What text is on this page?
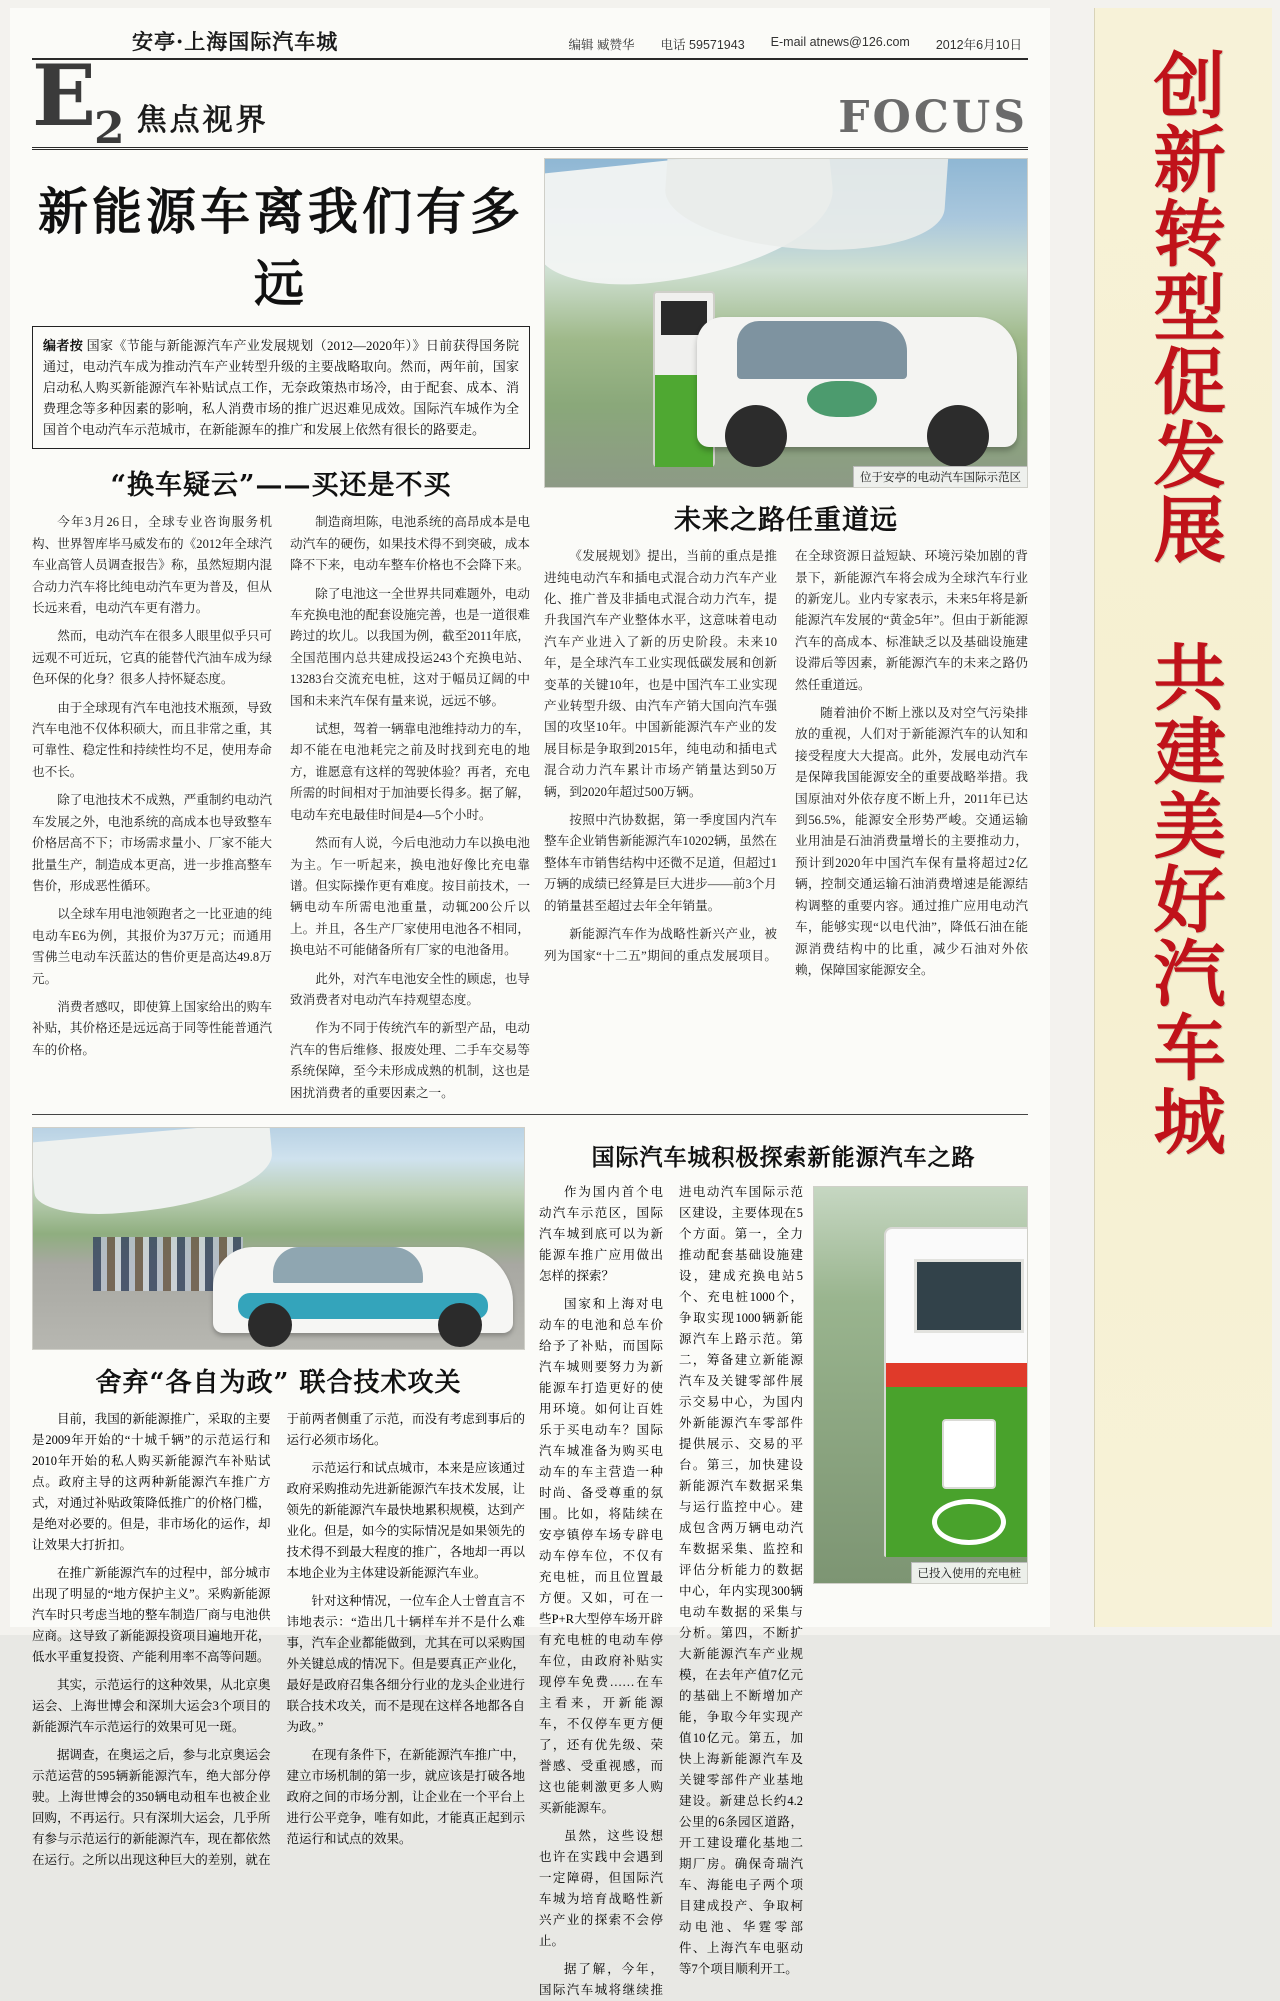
安亭·上海国际汽车城	编辑 臧赞华 电话 59571943 E-mail atnews@126.com 2012年6月10日
$E_2$ 焦点视界	FOCUS
新能源车离我们有多远
编者按 国家《节能与新能源汽车产业发展规划（2012—2020年）》日前获得国务院通过，电动汽车成为推动汽车产业转型升级的主要战略取向。然而，两年前，国家启动私人购买新能源汽车补贴试点工作，无奈政策热市场冷，由于配套、成本、消费理念等多种因素的影响，私人消费市场的推广迟迟难见成效。国际汽车城作为全国首个电动汽车示范城市，在新能源车的推广和发展上依然有很长的路要走。
“换车疑云”——买还是不买

今年3月26日，全球专业咨询服务机构、世界智库毕马威发布的《2012年全球汽车业高管人员调查报告》称，虽然短期内混合动力汽车将比纯电动汽车更为普及，但从长远来看，电动汽车更有潜力。

然而，电动汽车在很多人眼里似乎只可远观不可近玩，它真的能替代汽油车成为绿色环保的化身？很多人持怀疑态度。

由于全球现有汽车电池技术瓶颈，导致汽车电池不仅体积硕大，而且非常之重，其可靠性、稳定性和持续性均不足，使用寿命也不长。

除了电池技术不成熟，严重制约电动汽车发展之外，电池系统的高成本也导致整车价格居高不下；市场需求量小、厂家不能大批量生产，制造成本更高，进一步推高整车售价，形成恶性循环。

以全球车用电池领跑者之一比亚迪的纯电动车E6为例，其报价为37万元；而通用雪佛兰电动车沃蓝达的售价更是高达49.8万元。

消费者感叹，即使算上国家给出的购车补贴，其价格还是远远高于同等性能普通汽车的价格。

制造商坦陈，电池系统的高昂成本是电动汽车的硬伤，如果技术得不到突破，成本降不下来，电动车整车价格也不会降下来。

除了电池这一全世界共同难题外，电动车充换电池的配套设施完善，也是一道很难跨过的坎儿。以我国为例，截至2011年底，全国范围内总共建成投运243个充换电站、13283台交流充电桩，这对于幅员辽阔的中国和未来汽车保有量来说，远远不够。

试想，驾着一辆靠电池维持动力的车，却不能在电池耗完之前及时找到充电的地方，谁愿意有这样的驾驶体验？再者，充电所需的时间相对于加油要长得多。据了解，电动车充电最佳时间是4—5个小时。

然而有人说，今后电池动力车以换电池为主。乍一听起来，换电池好像比充电靠谱。但实际操作更有难度。按目前技术，一辆电动车所需电池重量，动辄200公斤以上。并且，各生产厂家使用电池各不相同，换电站不可能储备所有厂家的电池备用。

此外，对汽车电池安全性的顾虑，也导致消费者对电动汽车持观望态度。

作为不同于传统汽车的新型产品，电动汽车的售后维修、报废处理、二手车交易等系统保障，至今未形成成熟的机制，这也是困扰消费者的重要因素之一。

位于安亭的电动汽车国际示范区
未来之路任重道远

《发展规划》提出，当前的重点是推进纯电动汽车和插电式混合动力汽车产业化、推广普及非插电式混合动力汽车，提升我国汽车产业整体水平，这意味着电动汽车产业进入了新的历史阶段。未来10年，是全球汽车工业实现低碳发展和创新变革的关键10年，也是中国汽车工业实现产业转型升级、由汽车产销大国向汽车强国的攻坚10年。中国新能源汽车产业的发展目标是争取到2015年，纯电动和插电式混合动力汽车累计市场产销量达到50万辆，到2020年超过500万辆。

按照中汽协数据，第一季度国内汽车整车企业销售新能源汽车10202辆，虽然在整体车市销售结构中还微不足道，但超过1万辆的成绩已经算是巨大进步——前3个月的销量甚至超过去年全年销量。

新能源汽车作为战略性新兴产业，被列为国家“十二五”期间的重点发展项目。在全球资源日益短缺、环境污染加剧的背景下，新能源汽车将会成为全球汽车行业的新宠儿。业内专家表示，未来5年将是新能源汽车发展的“黄金5年”。但由于新能源汽车的高成本、标准缺乏以及基础设施建设滞后等因素，新能源汽车的未来之路仍然任重道远。

随着油价不断上涨以及对空气污染排放的重视，人们对于新能源汽车的认知和接受程度大大提高。此外，发展电动汽车是保障我国能源安全的重要战略举措。我国原油对外依存度不断上升，2011年已达到56.5%，能源安全形势严峻。交通运输业用油是石油消费量增长的主要推动力，预计到2020年中国汽车保有量将超过2亿辆，控制交通运输石油消费增速是能源结构调整的重要内容。通过推广应用电动汽车，能够实现“以电代油”，降低石油在能源消费结构中的比重，减少石油对外依赖，保障国家能源安全。

舍弃“各自为政” 联合技术攻关

目前，我国的新能源推广，采取的主要是2009年开始的“十城千辆”的示范运行和2010年开始的私人购买新能源汽车补贴试点。政府主导的这两种新能源汽车推广方式，对通过补贴政策降低推广的价格门槛，是绝对必要的。但是，非市场化的运作，却让效果大打折扣。

在推广新能源汽车的过程中，部分城市出现了明显的“地方保护主义”。采购新能源汽车时只考虑当地的整车制造厂商与电池供应商。这导致了新能源投资项目遍地开花，低水平重复投资、产能利用率不高等问题。

其实，示范运行的这种效果，从北京奥运会、上海世博会和深圳大运会3个项目的新能源汽车示范运行的效果可见一斑。

据调查，在奥运之后，参与北京奥运会示范运营的595辆新能源汽车，绝大部分停驶。上海世博会的350辆电动租车也被企业回购，不再运行。只有深圳大运会，几乎所有参与示范运行的新能源汽车，现在都依然在运行。之所以出现这种巨大的差别，就在于前两者侧重了示范，而没有考虑到事后的运行必须市场化。

示范运行和试点城市，本来是应该通过政府采购推动先进新能源汽车技术发展，让领先的新能源汽车最快地累积规模，达到产业化。但是，如今的实际情况是如果领先的技术得不到最大程度的推广，各地却一再以本地企业为主体建设新能源汽车业。

针对这种情况，一位车企人士曾直言不讳地表示：“造出几十辆样车并不是什么难事，汽车企业都能做到，尤其在可以采购国外关键总成的情况下。但是要真正产业化，最好是政府召集各细分行业的龙头企业进行联合技术攻关，而不是现在这样各地都各自为政。”

在现有条件下，在新能源汽车推广中，建立市场机制的第一步，就应该是打破各地政府之间的市场分割，让企业在一个平台上进行公平竞争，唯有如此，才能真正起到示范运行和试点的效果。

国际汽车城积极探索新能源汽车之路
已投入使用的充电桩

作为国内首个电动汽车示范区，国际汽车城到底可以为新能源车推广应用做出怎样的探索？

国家和上海对电动车的电池和总车价给予了补贴，而国际汽车城则要努力为新能源车打造更好的使用环境。如何让百姓乐于买电动车？国际汽车城准备为购买电动车的车主营造一种时尚、备受尊重的氛围。比如，将陆续在安亭镇停车场专辟电动车停车位，不仅有充电桩，而且位置最方便。又如，可在一些P+R大型停车场开辟有充电桩的电动车停车位，由政府补贴实现停车免费……在车主看来，开新能源车，不仅停车更方便了，还有优先级、荣誉感、受重视感，而这也能刺激更多人购买新能源车。

虽然，这些设想也许在实践中会遇到一定障碍，但国际汽车城为培育战略性新兴产业的探索不会停止。

据了解，今年，国际汽车城将继续推进电动汽车国际示范区建设，主要体现在5个方面。第一，全力推动配套基础设施建设，建成充换电站5个、充电桩1000个，争取实现1000辆新能源汽车上路示范。第二，筹备建立新能源汽车及关键零部件展示交易中心，为国内外新能源汽车零部件提供展示、交易的平台。第三，加快建设新能源汽车数据采集与运行监控中心。建成包含两万辆电动汽车数据采集、监控和评估分析能力的数据中心，年内实现300辆电动车数据的采集与分析。第四，不断扩大新能源汽车产业规模，在去年产值7亿元的基础上不断增加产能，争取今年实现产值10亿元。第五，加快上海新能源汽车及关键零部件产业基地建设。新建总长约4.2公里的6条园区道路，开工建设瓘化基地二期厂房。确保奇瑞汽车、海能电子两个项目建成投产、争取柯动电池、华霆零部件、上海汽车电驱动等7个项目顺利开工。

创新转型促发展　共建美好汽车城
